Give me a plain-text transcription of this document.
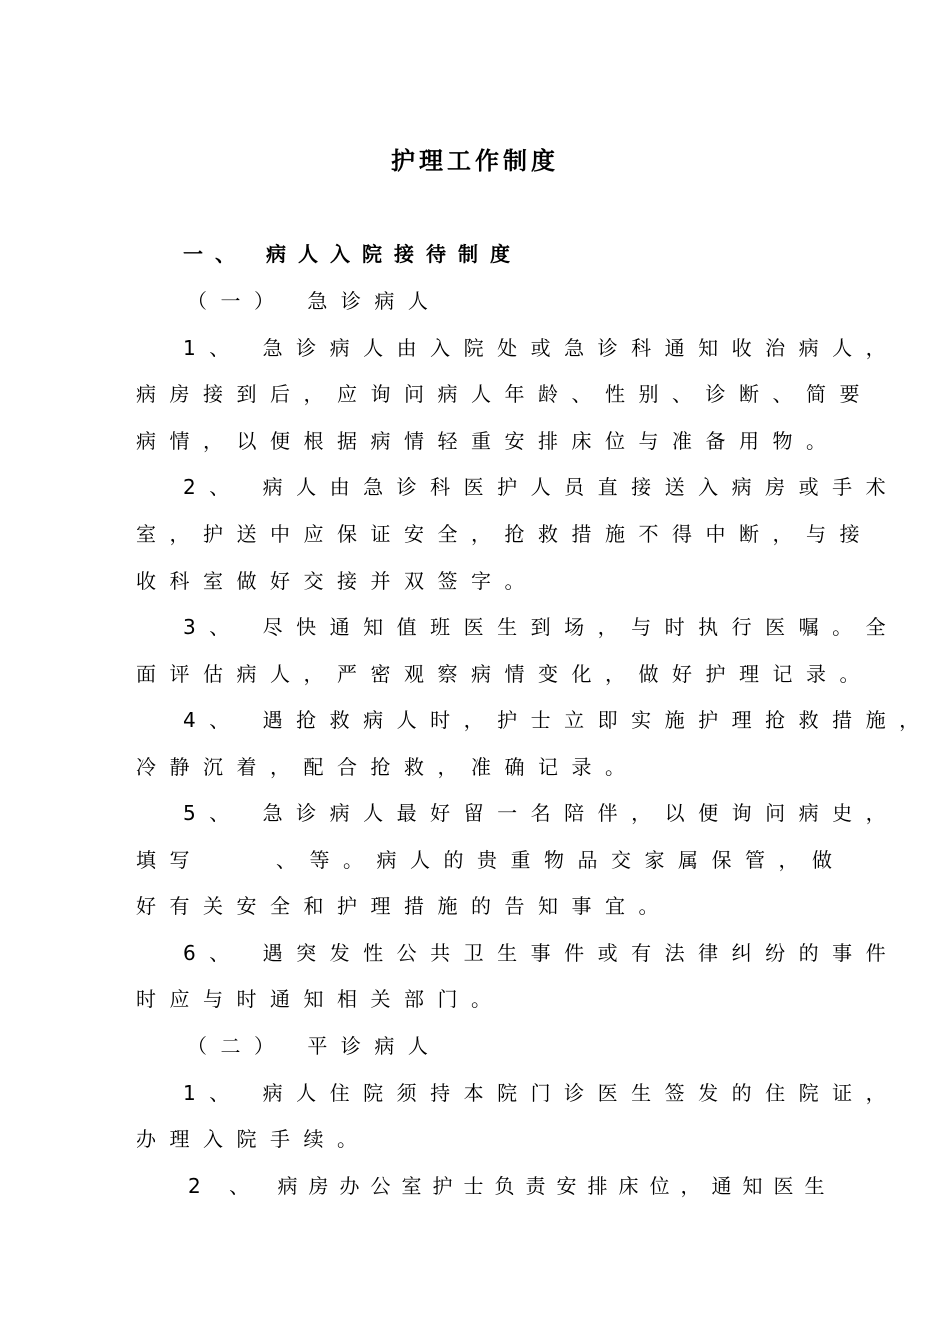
护理工作制度
一、 病人入院接待制度
（一） 急诊病人
1、 急诊病人由入院处或急诊科通知收治病人，
病房接到后，应询问病人年龄、性别、诊断、简要
病情，以便根据病情轻重安排床位与准备用物。
2、 病人由急诊科医护人员直接送入病房或手术
室，护送中应保证安全，抢救措施不得中断，与接
收科室做好交接并双签字。
3、 尽快通知值班医生到场，与时执行医嘱。全
面评估病人，严密观察病情变化，做好护理记录。
4、 遇抢救病人时，护士立即实施护理抢救措施，
冷静沉着，配合抢救，准确记录。
5、 急诊病人最好留一名陪伴，以便询问病史，
填写	、等。病人的贵重物品交家属保管，做
好有关安全和护理措施的告知事宜。
6、 遇突发性公共卫生事件或有法律纠纷的事件
时应与时通知相关部门。
（二） 平诊病人
1、 病人住院须持本院门诊医生签发的住院证，
办理入院手续。
2 、 病房办公室护士负责安排床位，通知医生
